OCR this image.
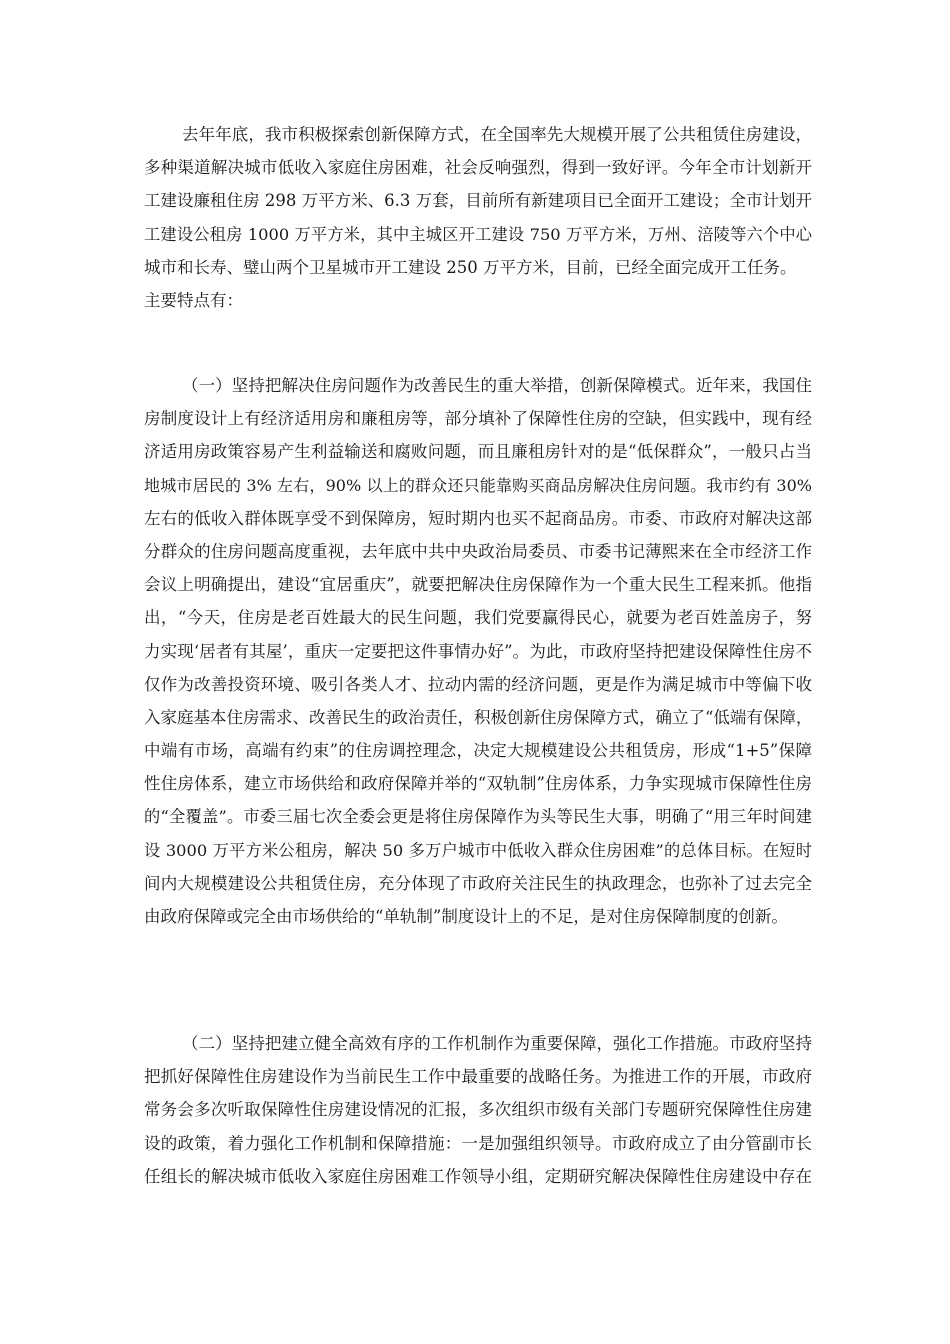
去年年底，我市积极探索创新保障方式，在全国率先大规模开展了公共租赁住房建设，
多种渠道解决城市低收入家庭住房困难，社会反响强烈，得到一致好评。今年全市计划新开
工建设廉租住房 298 万平方米、6.3 万套，目前所有新建项目已全面开工建设；全市计划开
工建设公租房 1000 万平方米，其中主城区开工建设 750 万平方米，万州、涪陵等六个中心
城市和长寿、璧山两个卫星城市开工建设 250 万平方米，目前，已经全面完成开工任务。
主要特点有：
（一）坚持把解决住房问题作为改善民生的重大举措，创新保障模式。近年来，我国住
房制度设计上有经济适用房和廉租房等，部分填补了保障性住房的空缺，但实践中，现有经
济适用房政策容易产生利益输送和腐败问题，而且廉租房针对的是“低保群众”，一般只占当
地城市居民的 3% 左右，90% 以上的群众还只能靠购买商品房解决住房问题。我市约有 30%
左右的低收入群体既享受不到保障房，短时期内也买不起商品房。市委、市政府对解决这部
分群众的住房问题高度重视，去年底中共中央政治局委员、市委书记薄熙来在全市经济工作
会议上明确提出，建设“宜居重庆”，就要把解决住房保障作为一个重大民生工程来抓。他指
出，“今天，住房是老百姓最大的民生问题，我们党要赢得民心，就要为老百姓盖房子，努
力实现‘居者有其屋’，重庆一定要把这件事情办好”。为此，市政府坚持把建设保障性住房不
仅作为改善投资环境、吸引各类人才、拉动内需的经济问题，更是作为满足城市中等偏下收
入家庭基本住房需求、改善民生的政治责任，积极创新住房保障方式，确立了“低端有保障，
中端有市场，高端有约束”的住房调控理念，决定大规模建设公共租赁房，形成“1+5”保障
性住房体系，建立市场供给和政府保障并举的“双轨制”住房体系，力争实现城市保障性住房
的“全覆盖”。市委三届七次全委会更是将住房保障作为头等民生大事，明确了“用三年时间建
设 3000 万平方米公租房，解决 50 多万户城市中低收入群众住房困难”的总体目标。在短时
间内大规模建设公共租赁住房，充分体现了市政府关注民生的执政理念，也弥补了过去完全
由政府保障或完全由市场供给的“单轨制”制度设计上的不足，是对住房保障制度的创新。
（二）坚持把建立健全高效有序的工作机制作为重要保障，强化工作措施。市政府坚持
把抓好保障性住房建设作为当前民生工作中最重要的战略任务。为推进工作的开展，市政府
常务会多次听取保障性住房建设情况的汇报，多次组织市级有关部门专题研究保障性住房建
设的政策，着力强化工作机制和保障措施：一是加强组织领导。市政府成立了由分管副市长
任组长的解决城市低收入家庭住房困难工作领导小组，定期研究解决保障性住房建设中存在
